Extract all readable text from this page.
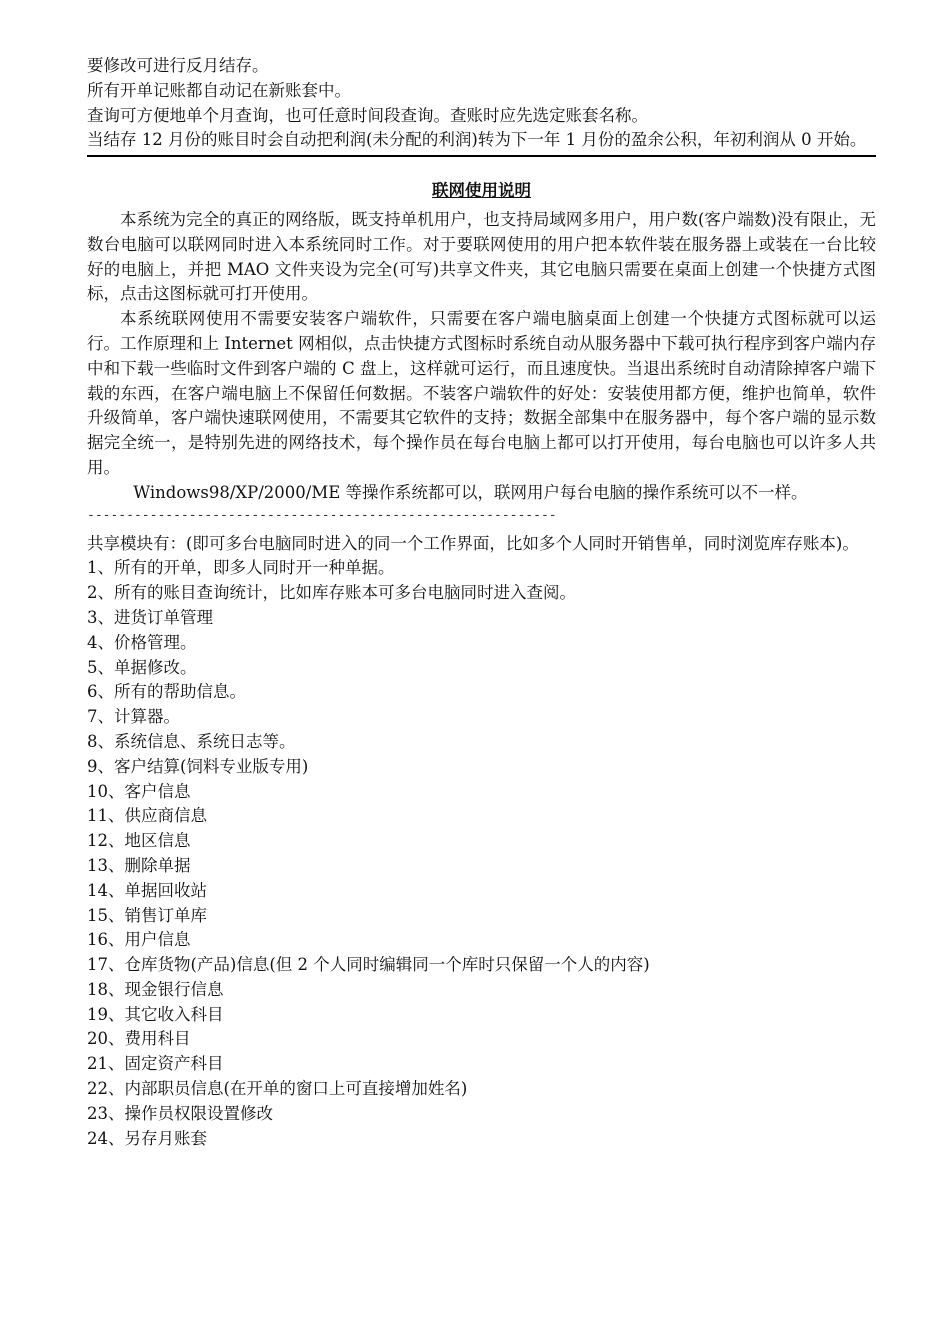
要修改可进行反月结存。

所有开单记账都自动记在新账套中。

查询可方便地单个月查询，也可任意时间段查询。查账时应先选定账套名称。

当结存 12 月份的账目时会自动把利润(未分配的利润)转为下一年 1 月份的盈余公积，年初利润从 0 开始。

联网使用说明

本系统为完全的真正的网络版，既支持单机用户，也支持局域网多用户，用户数(客户端数)没有限止，无数台电脑可以联网同时进入本系统同时工作。对于要联网使用的用户把本软件装在服务器上或装在一台比较好的电脑上，并把 MAO 文件夹设为完全(可写)共享文件夹，其它电脑只需要在桌面上创建一个快捷方式图标，点击这图标就可打开使用。

本系统联网使用不需要安装客户端软件，只需要在客户端电脑桌面上创建一个快捷方式图标就可以运行。工作原理和上 Internet 网相似，点击快捷方式图标时系统自动从服务器中下载可执行程序到客户端内存中和下载一些临时文件到客户端的 C 盘上，这样就可运行，而且速度快。当退出系统时自动清除掉客户端下载的东西，在客户端电脑上不保留任何数据。不装客户端软件的好处：安装使用都方便，维护也简单，软件升级简单，客户端快速联网使用，不需要其它软件的支持；数据全部集中在服务器中，每个客户端的显示数据完全统一，是特别先进的网络技术，每个操作员在每台电脑上都可以打开使用，每台电脑也可以许多人共用。

Windows98/XP/2000/ME 等操作系统都可以，联网用户每台电脑的操作系统可以不一样。

------------------------------------------------------------

共享模块有：(即可多台电脑同时进入的同一个工作界面，比如多个人同时开销售单，同时浏览库存账本)。

1、所有的开单，即多人同时开一种单据。
2、所有的账目查询统计，比如库存账本可多台电脑同时进入查阅。
3、进货订单管理
4、价格管理。
5、单据修改。
6、所有的帮助信息。
7、计算器。
8、系统信息、系统日志等。
9、客户结算(饲料专业版专用)
10、客户信息
11、供应商信息
12、地区信息
13、删除单据
14、单据回收站
15、销售订单库
16、用户信息
17、仓库货物(产品)信息(但 2 个人同时编辑同一个库时只保留一个人的内容)
18、现金银行信息
19、其它收入科目
20、费用科目
21、固定资产科目
22、内部职员信息(在开单的窗口上可直接增加姓名)
23、操作员权限设置修改
24、另存月账套
